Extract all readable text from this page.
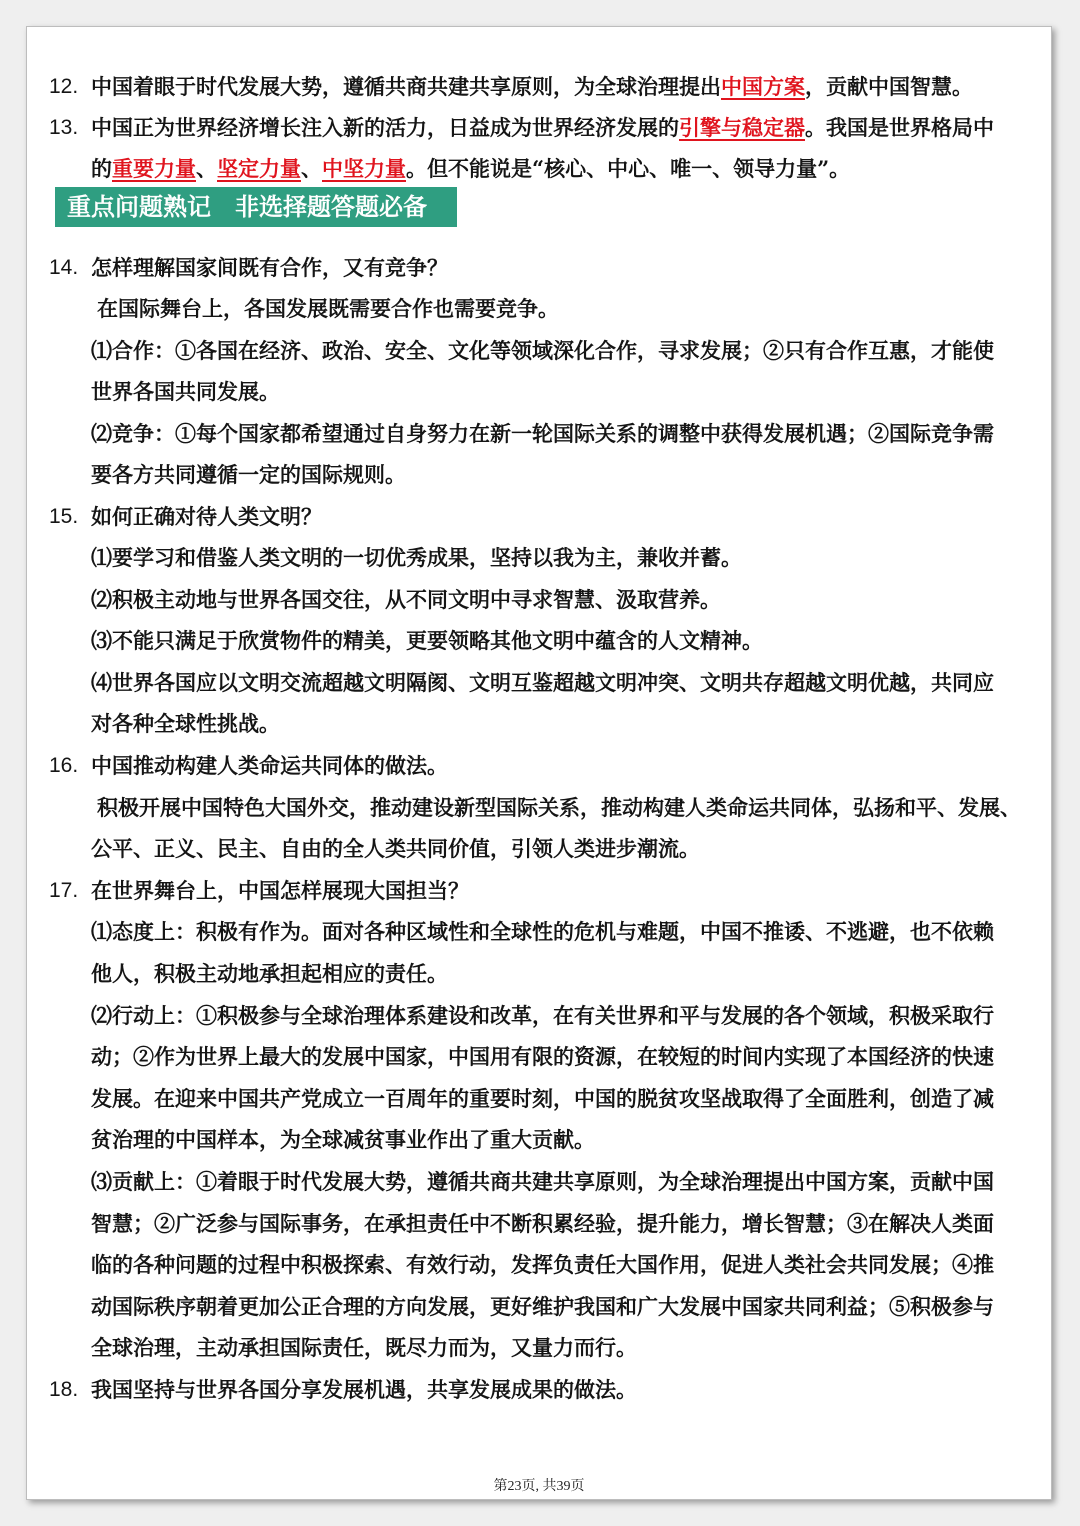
12. 中国着眼于时代发展大势，遵循共商共建共享原则，为全球治理提出中国方案，贡献中国智慧。
13. 中国正为世界经济增长注入新的活力，日益成为世界经济发展的引擎与稳定器。我国是世界格局中
的重要力量、坚定力量、中坚力量。但不能说是“核心、中心、唯一、领导力量”。
重点问题熟记 非选择题答题必备
14. 怎样理解国家间既有合作，又有竞争？
在国际舞台上，各国发展既需要合作也需要竞争。
⑴合作：①各国在经济、政治、安全、文化等领域深化合作，寻求发展；②只有合作互惠，才能使
世界各国共同发展。
⑵竞争：①每个国家都希望通过自身努力在新一轮国际关系的调整中获得发展机遇；②国际竞争需
要各方共同遵循一定的国际规则。
15. 如何正确对待人类文明？
⑴要学习和借鉴人类文明的一切优秀成果，坚持以我为主，兼收并蓄。
⑵积极主动地与世界各国交往，从不同文明中寻求智慧、汲取营养。
⑶不能只满足于欣赏物件的精美，更要领略其他文明中蕴含的人文精神。
⑷世界各国应以文明交流超越文明隔阂、文明互鉴超越文明冲突、文明共存超越文明优越，共同应
对各种全球性挑战。
16. 中国推动构建人类命运共同体的做法。
积极开展中国特色大国外交，推动建设新型国际关系，推动构建人类命运共同体，弘扬和平、发展、
公平、正义、民主、自由的全人类共同价值，引领人类进步潮流。
17. 在世界舞台上，中国怎样展现大国担当？
⑴态度上：积极有作为。面对各种区域性和全球性的危机与难题，中国不推诿、不逃避，也不依赖
他人，积极主动地承担起相应的责任。
⑵行动上：①积极参与全球治理体系建设和改革，在有关世界和平与发展的各个领域，积极采取行
动；②作为世界上最大的发展中国家，中国用有限的资源，在较短的时间内实现了本国经济的快速
发展。在迎来中国共产党成立一百周年的重要时刻，中国的脱贫攻坚战取得了全面胜利，创造了减
贫治理的中国样本，为全球减贫事业作出了重大贡献。
⑶贡献上：①着眼于时代发展大势，遵循共商共建共享原则，为全球治理提出中国方案，贡献中国
智慧；②广泛参与国际事务，在承担责任中不断积累经验，提升能力，增长智慧；③在解决人类面
临的各种问题的过程中积极探索、有效行动，发挥负责任大国作用，促进人类社会共同发展；④推
动国际秩序朝着更加公正合理的方向发展，更好维护我国和广大发展中国家共同利益；⑤积极参与
全球治理，主动承担国际责任，既尽力而为，又量力而行。
18. 我国坚持与世界各国分享发展机遇，共享发展成果的做法。
第23页, 共39页
